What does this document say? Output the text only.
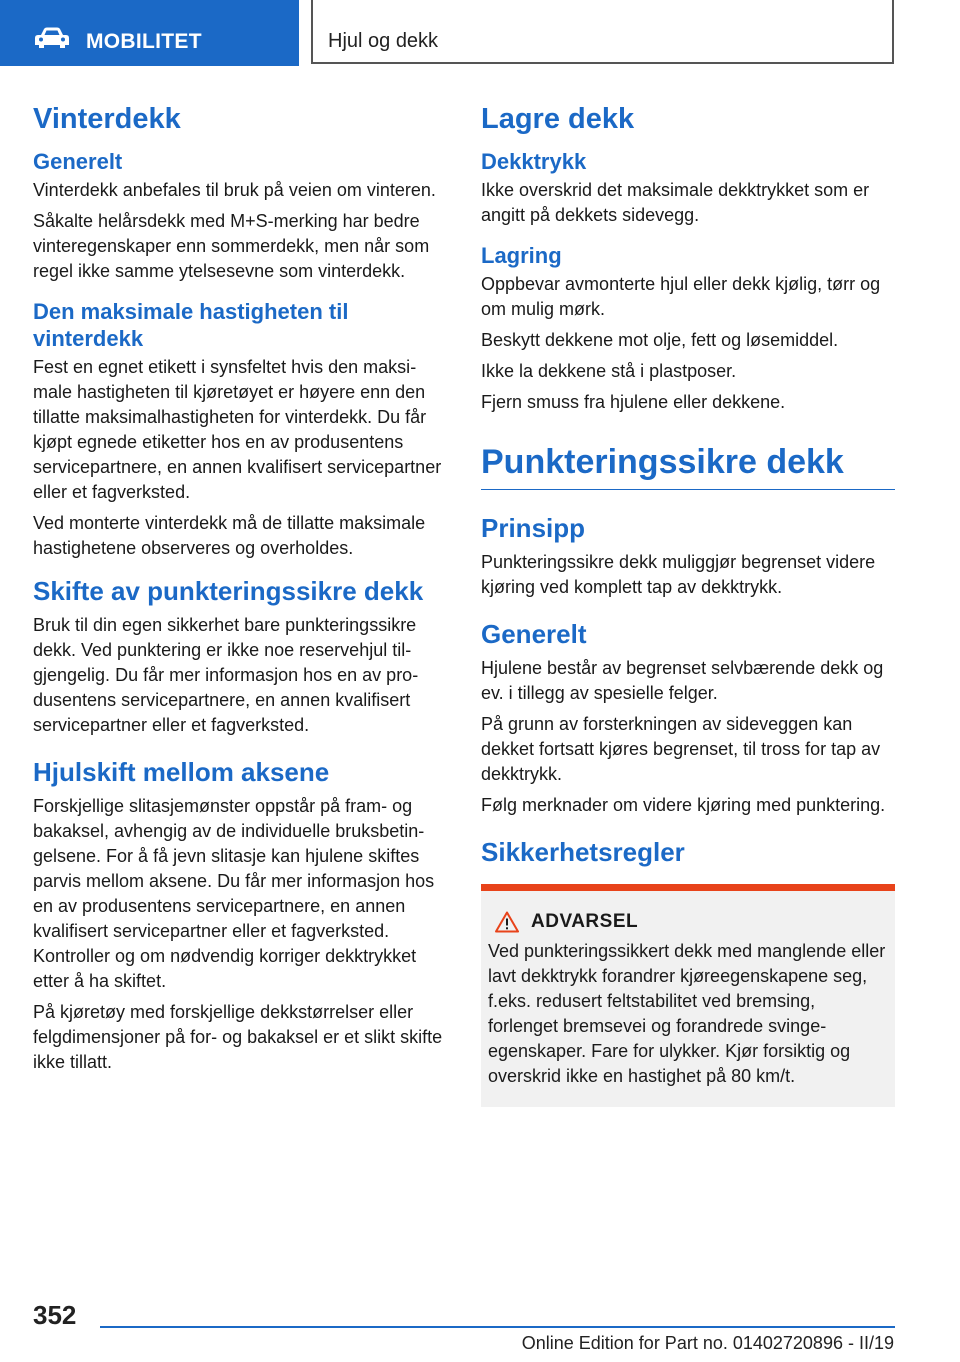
MOBILITET	Hjul og dekk
Vinterdekk
Generelt

Vinterdekk anbefales til bruk på veien om vinteren.

Såkalte helårsdekk med M+S-merking har bedre vinteregenskaper enn sommerdekk, men når som regel ikke samme ytelsesevne som vinterdekk.

Den maksimale hastigheten til vinterdekk

Fest en egnet etikett i synsfeltet hvis den maksimale hastigheten til kjøretøyet er høyere enn den tillatte maksimalhastigheten for vinterdekk. Du får kjøpt egnede etiketter hos en av produsentens servicepartnere, en annen kvalifisert servicepartner eller et fagverksted.

Ved monterte vinterdekk må de tillatte maksimale hastighetene observeres og overholdes.

Skifte av punkteringssikre dekk

Bruk til din egen sikkerhet bare punkteringssikre dekk. Ved punktering er ikke noe reservehjul tilgjengelig. Du får mer informasjon hos en av produsentens servicepartnere, en annen kvalifisert servicepartner eller et fagverksted.

Hjulskift mellom aksene

Forskjellige slitasjemønster oppstår på fram- og bakaksel, avhengig av de individuelle bruksbetingelsene. For å få jevn slitasje kan hjulene skiftes parvis mellom aksene. Du får mer informasjon hos en av produsentens servicepartnere, en annen kvalifisert servicepartner eller et fagverksted. Kontroller og om nødvendig korriger dekktrykket etter å ha skiftet.

På kjøretøy med forskjellige dekkstørrelser eller felgdimensjoner på for- og bakaksel er et slikt skifte ikke tillatt.

Lagre dekk
Dekktrykk

Ikke overskrid det maksimale dekktrykket som er angitt på dekkets sidevegg.

Lagring

Oppbevar avmonterte hjul eller dekk kjølig, tørr og om mulig mørk.

Beskytt dekkene mot olje, fett og løsemiddel.

Ikke la dekkene stå i plastposer.

Fjern smuss fra hjulene eller dekkene.

Punkteringssikre dekk
Prinsipp

Punkteringssikre dekk muliggjør begrenset videre kjøring ved komplett tap av dekktrykk.

Generelt

Hjulene består av begrenset selvbærende dekk og ev. i tillegg av spesielle felger.

På grunn av forsterkningen av sideveggen kan dekket fortsatt kjøres begrenset, til tross for tap av dekktrykk.

Følg merknader om videre kjøring med punktering.

Sikkerhetsregler
ADVARSEL

Ved punkteringssikkert dekk med manglende eller lavt dekktrykk forandrer kjøreegenskapene seg, f.eks. redusert feltstabilitet ved bremsing, forlenget bremsevei og forandrede svingeegenskaper. Fare for ulykker. Kjør forsiktig og overskrid ikke en hastighet på 80 km/t.

352
Online Edition for Part no. 01402720896 - II/19
